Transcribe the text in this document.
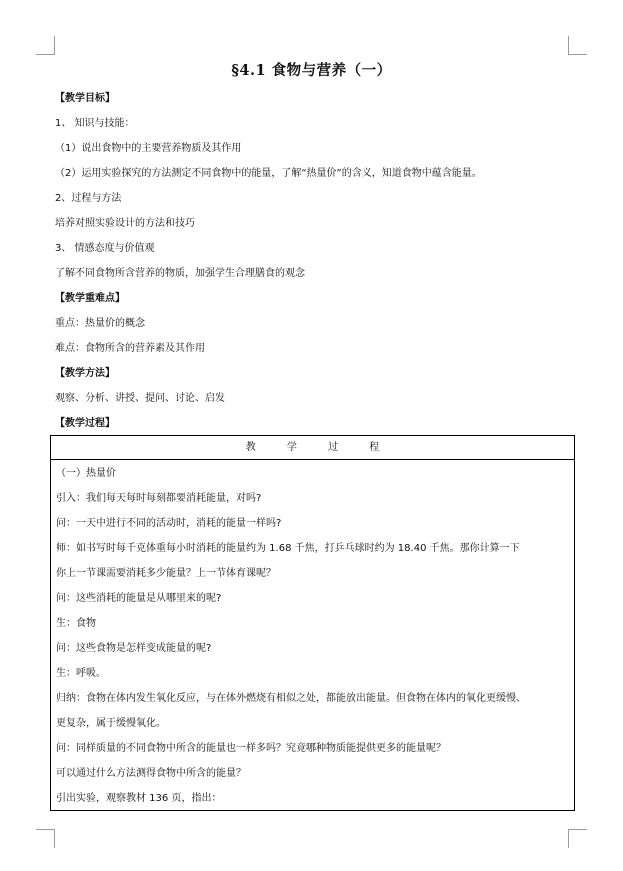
§4.1 食物与营养（一）
【教学目标】
1、 知识与技能：
（1）说出食物中的主要营养物质及其作用
（2）运用实验探究的方法测定不同食物中的能量，了解“热量价”的含义，知道食物中蕴含能量。
2、过程与方法
培养对照实验设计的方法和技巧
3、 情感态度与价值观
了解不同食物所含营养的物质，加强学生合理膳食的观念
【教学重难点】
重点：热量价的概念
难点：食物所含的营养素及其作用
【教学方法】
观察、分析、讲授、提问、讨论、启发
【教学过程】
教 学 过 程
（一）热量价
引入：我们每天每时每刻都要消耗能量，对吗?
问：一天中进行不同的活动时，消耗的能量一样吗?
师：如书写时每千克体重每小时消耗的能量约为 1.68 千焦，打乒乓球时约为 18.40 千焦。那你计算一下
你上一节课需要消耗多少能量？上一节体育课呢？
问：这些消耗的能量是从哪里来的呢?
生：食物
问：这些食物是怎样变成能量的呢?
生：呼吸。
归纳：食物在体内发生氧化反应，与在体外燃烧有相似之处，都能放出能量。但食物在体内的氧化更缓慢、
更复杂，属于缓慢氧化。
问：同样质量的不同食物中所含的能量也一样多吗？究竟哪种物质能提供更多的能量呢？
可以通过什么方法测得食物中所含的能量？
引出实验，观察教材 136 页，指出：
